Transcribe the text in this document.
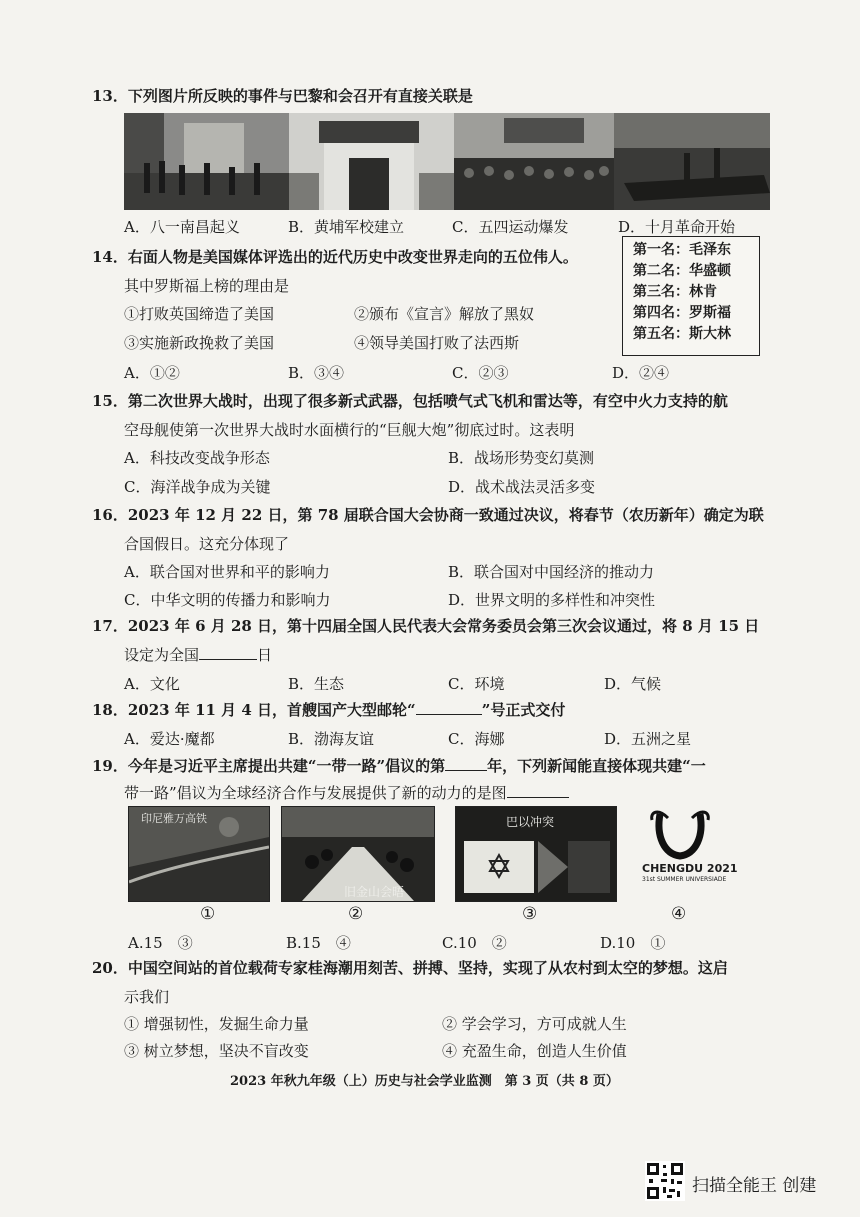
13．下列图片所反映的事件与巴黎和会召开有直接关联是
A．八一南昌起义	B．黄埔军校建立	C．五四运动爆发	D．十月革命开始
14．右面人物是美国媒体评选出的近代历史中改变世界走向的五位伟人。
其中罗斯福上榜的理由是
①打败英国缔造了美国	②颁布《宣言》解放了黑奴
③实施新政挽救了美国	④领导美国打败了法西斯
第一名：毛泽东
第二名：华盛顿
第三名：林肯
第四名：罗斯福
第五名：斯大林
A．①②	B．③④	C．②③	D．②④
15．第二次世界大战时，出现了很多新式武器，包括喷气式飞机和雷达等，有空中火力支持的航
空母舰使第一次世界大战时水面横行的“巨舰大炮”彻底过时。这表明
A．科技改变战争形态	B．战场形势变幻莫测
C．海洋战争成为关键	D．战术战法灵活多变
16．2023 年 12 月 22 日，第 78 届联合国大会协商一致通过决议，将春节（农历新年）确定为联
合国假日。这充分体现了
A．联合国对世界和平的影响力	B．联合国对中国经济的推动力
C．中华文明的传播力和影响力	D．世界文明的多样性和冲突性
17．2023 年 6 月 28 日，第十四届全国人民代表大会常务委员会第三次会议通过，将 8 月 15 日
设定为全国	日
A．文化	B．生态	C．环境	D．气候
18．2023 年 11 月 4 日，首艘国产大型邮轮“	”号正式交付
A．爱达·魔都	B．渤海友谊	C．海娜	D．五洲之星
19．今年是习近平主席提出共建“一带一路”倡议的第	年，下列新闻能直接体现共建“一
带一路”倡议为全球经济合作与发展提供了新的动力的是图
印尼雅万高铁
旧金山会晤
巴以冲突
CHENGDU 2021
31st SUMMER UNIVERSIADE
①	②	③	④
A.15　③	B.15　④	C.10　②	D.10　①
20．中国空间站的首位载荷专家桂海潮用刻苦、拼搏、坚持，实现了从农村到太空的梦想。这启
示我们
① 增强韧性，发掘生命力量	② 学会学习，方可成就人生
③ 树立梦想，坚决不盲改变	④ 充盈生命，创造人生价值
2023 年秋九年级（上）历史与社会学业监测　第 3 页（共 8 页）
扫描全能王 创建
